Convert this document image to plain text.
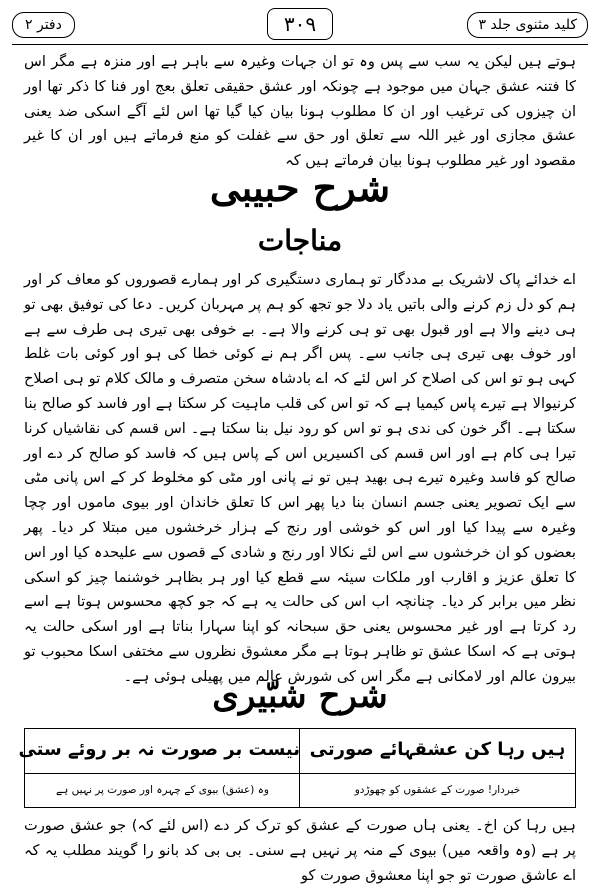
کلید مثنوی جلد ۳
۳۰۹
دفتر ۲

ہوتے ہیں لیکن یہ سب سے پس وہ تو ان جہات وغیرہ سے باہر ہے اور منزہ ہے مگر اس کا فتنہ عشق جہان میں موجود ہے چونکہ اور عشق حقیقی تعلق بعج اور فنا کا ذکر تھا اور ان چیزوں کی ترغیب اور ان کا مطلوب ہونا بیان کیا گیا تھا اس لئے آگے اسکی ضد یعنی عشق مجازی اور غیر اللہ سے تعلق اور حق سے غفلت کو منع فرماتے ہیں اور ان کا غیر مقصود اور غیر مطلوب ہونا بیان فرماتے ہیں کہ

شرح حبیبی
مناجات

اے خدائے پاک لاشریک بے مددگار تو ہماری دستگیری کر اور ہمارے قصوروں کو معاف کر اور ہم کو دل زم کرنے والی باتیں یاد دلا جو تجھ کو ہم پر مہربان کریں۔ دعا کی توفیق بھی تو ہی دینے والا ہے اور قبول بھی تو ہی کرنے والا ہے۔ بے خوفی بھی تیری ہی طرف سے ہے اور خوف بھی تیری ہی جانب سے۔ پس اگر ہم نے کوئی خطا کی ہو اور کوئی بات غلط کہی ہو تو اس کی اصلاح کر اس لئے کہ اے بادشاہ سخن متصرف و مالک کلام تو ہی اصلاح کرنیوالا ہے تیرے پاس کیمیا ہے کہ تو اس کی قلب ماہیت کر سکتا ہے اور فاسد کو صالح بنا سکتا ہے۔ اگر خون کی ندی ہو تو اس کو رود نیل بنا سکتا ہے۔ اس قسم کی نقاشیاں کرنا تیرا ہی کام ہے اور اس قسم کی اکسیریں اس کے پاس ہیں کہ فاسد کو صالح کر دے اور صالح کو فاسد وغیرہ تیرے ہی بھید ہیں تو نے پانی اور مٹی کو مخلوط کر کے اس پانی مٹی سے ایک تصویر یعنی جسم انسان بنا دیا پھر اس کا تعلق خاندان اور بیوی ماموں اور چچا وغیرہ سے پیدا کیا اور اس کو خوشی اور رنج کے ہزار خرخشوں میں مبتلا کر دیا۔ پھر بعضوں کو ان خرخشوں سے اس لئے نکالا اور رنج و شادی کے قصوں سے علیحدہ کیا اور اس کا تعلق عزیز و اقارب اور ملکات سیئہ سے قطع کیا اور ہر بظاہر خوشنما چیز کو اسکی نظر میں برابر کر دیا۔ چنانچہ اب اس کی حالت یہ ہے کہ جو کچھ محسوس ہوتا ہے اسے رد کرتا ہے اور غیر محسوس یعنی حق سبحانہ کو اپنا سہارا بناتا ہے اور اسکی حالت یہ ہوتی ہے کہ اسکا عشق تو ظاہر ہوتا ہے مگر معشوق نظروں سے مختفی اسکا محبوب تو بیرون عالم اور لامکانی ہے مگر اس کی شورش عالم میں پھیلی ہوئی ہے۔

شرح شبّیری
ہیں رہا کن عشقہائے صورتی
خبردار! صورت کے عشقوں کو چھوڑدو
نیست بر صورت نہ بر روئے ستی
وہ (عشق) بیوی کے چہرہ اور صورت پر نہیں ہے

ہیں رہا کن اخ۔ یعنی ہاں صورت کے عشق کو ترک کر دے (اس لئے کہ) جو عشق صورت پر ہے (وہ واقعہ میں) بیوی کے منہ پر نہیں ہے سنی۔ بی بی کد بانو را گویند مطلب یہ کہ اے عاشق صورت تو جو اپنا معشوق صورت کو
